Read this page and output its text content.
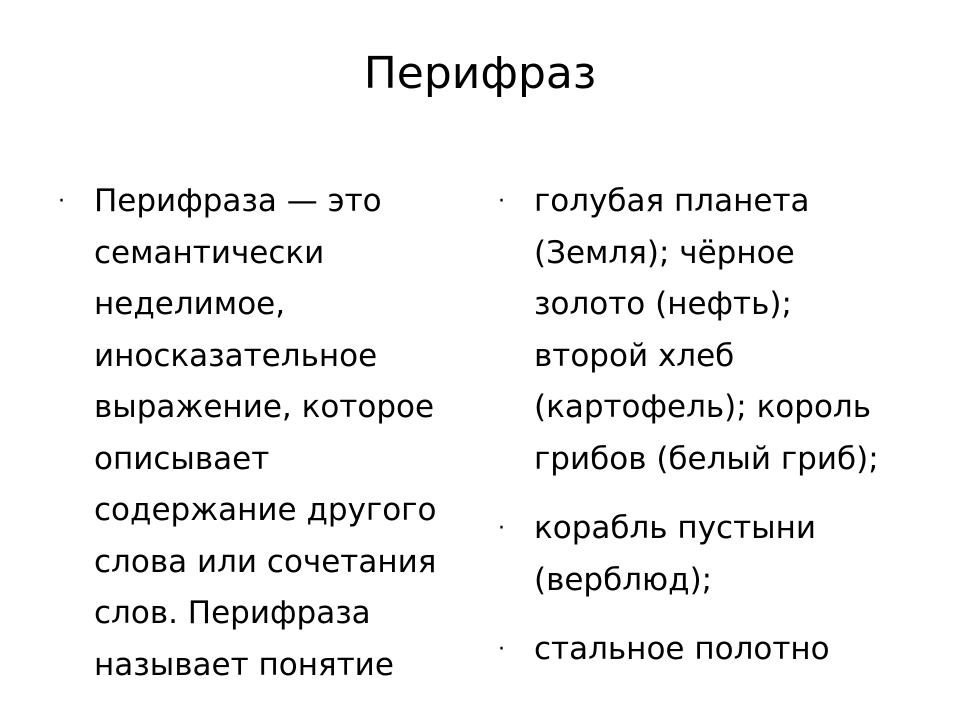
Перифраз
· Перифраза — это семантически неделимое, иносказательное выражение, которое описывает содержание другого слова или сочетания слов.​ Перифраза называет понятие
· голубая планета (Земля); чёрное золото (нефть); второй хлеб (картофель); король грибов (белый гриб);
· корабль пустыни (верблюд);
· стальное полотно
